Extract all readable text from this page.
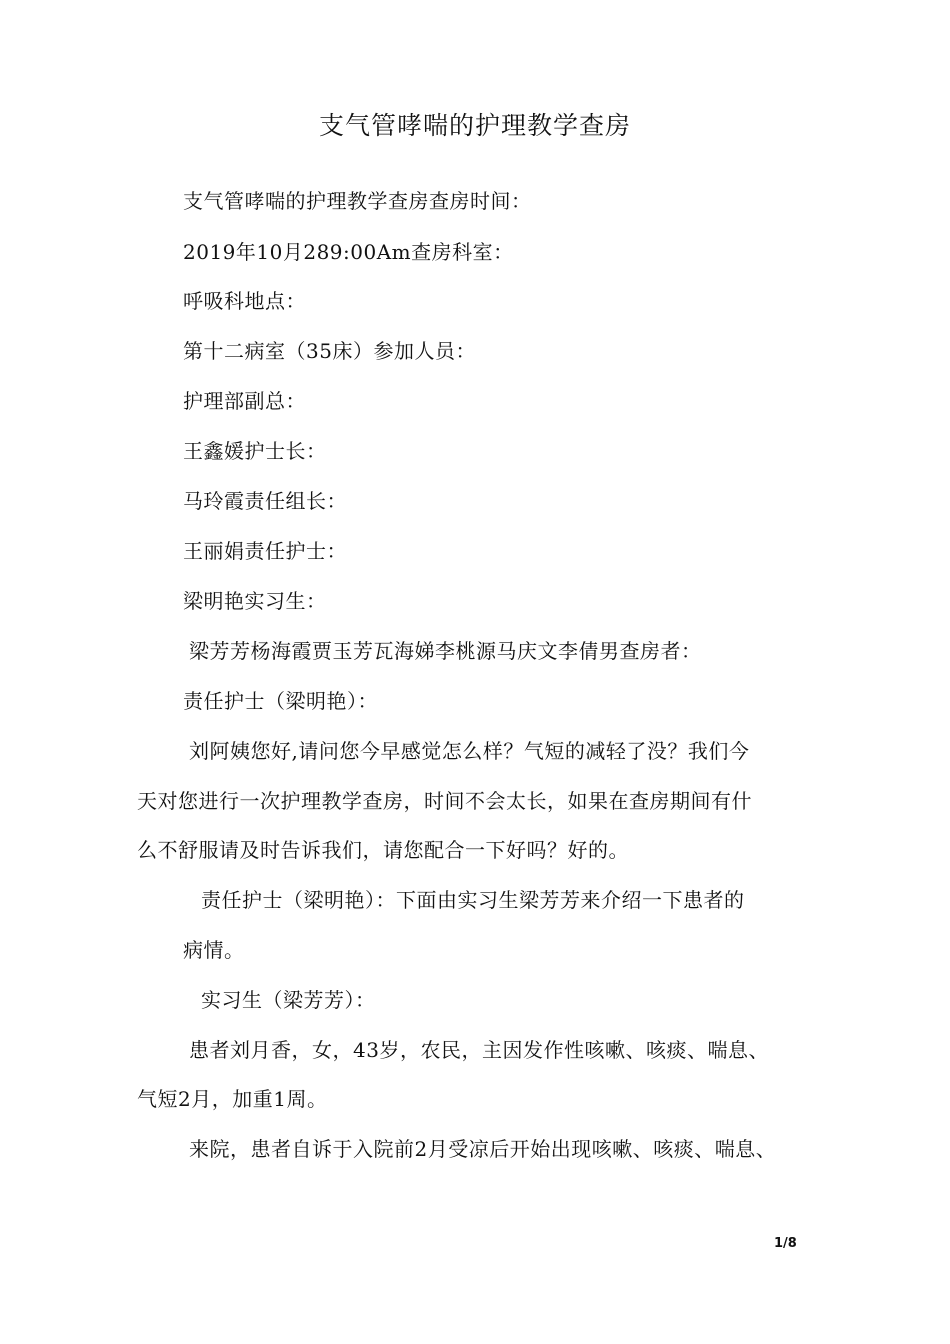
支气管哮喘的护理教学查房

支气管哮喘的护理教学查房查房时间：

2019年10月289:00Am查房科室：

呼吸科地点：

第十二病室（35床）参加人员：

护理部副总：

王鑫媛护士长：

马玲霞责任组长：

王丽娟责任护士：

梁明艳实习生：

梁芳芳杨海霞贾玉芳瓦海娣李桃源马庆文李倩男查房者：

责任护士（梁明艳）：

刘阿姨您好,请问您今早感觉怎么样？气短的减轻了没？我们今

天对您进行一次护理教学查房，时间不会太长，如果在查房期间有什

么不舒服请及时告诉我们，请您配合一下好吗？好的。

责任护士（梁明艳）：下面由实习生梁芳芳来介绍一下患者的

病情。

实习生（梁芳芳）：

患者刘月香，女，43岁，农民，主因发作性咳嗽、咳痰、喘息、

气短2月，加重1周。

来院，患者自诉于入院前2月受凉后开始出现咳嗽、咳痰、喘息、

1/8
